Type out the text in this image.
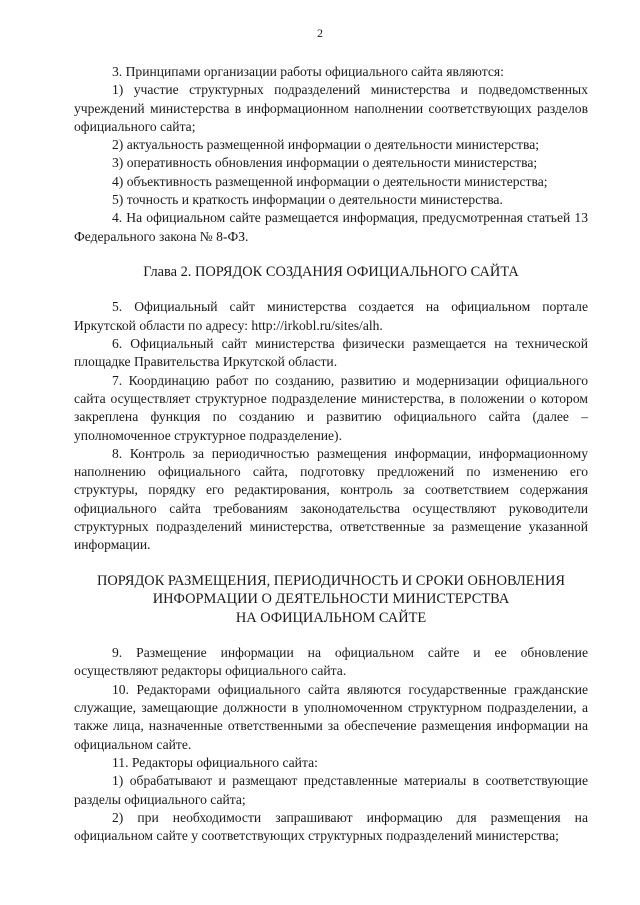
2

3. Принципами организации работы официального сайта являются:

1) участие структурных подразделений министерства и подведомственных учреждений министерства в информационном наполнении соответствующих разделов официального сайта;

2) актуальность размещенной информации о деятельности министерства;

3) оперативность обновления информации о деятельности министерства;

4) объективность размещенной информации о деятельности министерства;

5) точность и краткость информации о деятельности министерства.

4. На официальном сайте размещается информация, предусмотренная статьей 13 Федерального закона № 8-ФЗ.

Глава 2. ПОРЯДОК СОЗДАНИЯ ОФИЦИАЛЬНОГО САЙТА

5. Официальный сайт министерства создается на официальном портале Иркутской области по адресу: http://irkobl.ru/sites/alh.

6. Официальный сайт министерства физически размещается на технической площадке Правительства Иркутской области.

7. Координацию работ по созданию, развитию и модернизации официального сайта осуществляет структурное подразделение министерства, в положении о котором закреплена функция по созданию и развитию официального сайта (далее – уполномоченное структурное подразделение).

8. Контроль за периодичностью размещения информации, информационному наполнению официального сайта, подготовку предложений по изменению его структуры, порядку его редактирования, контроль за соответствием содержания официального сайта требованиям законодательства осуществляют руководители структурных подразделений министерства, ответственные за размещение указанной информации.

ПОРЯДОК РАЗМЕЩЕНИЯ, ПЕРИОДИЧНОСТЬ И СРОКИ ОБНОВЛЕНИЯ
ИНФОРМАЦИИ О ДЕЯТЕЛЬНОСТИ МИНИСТЕРСТВА
НА ОФИЦИАЛЬНОМ САЙТЕ

9. Размещение информации на официальном сайте и ее обновление осуществляют редакторы официального сайта.

10. Редакторами официального сайта являются государственные гражданские служащие, замещающие должности в уполномоченном структурном подразделении, а также лица, назначенные ответственными за обеспечение размещения информации на официальном сайте.

11. Редакторы официального сайта:

1) обрабатывают и размещают представленные материалы в соответствующие разделы официального сайта;

2) при необходимости запрашивают информацию для размещения на официальном сайте у соответствующих структурных подразделений министерства;
